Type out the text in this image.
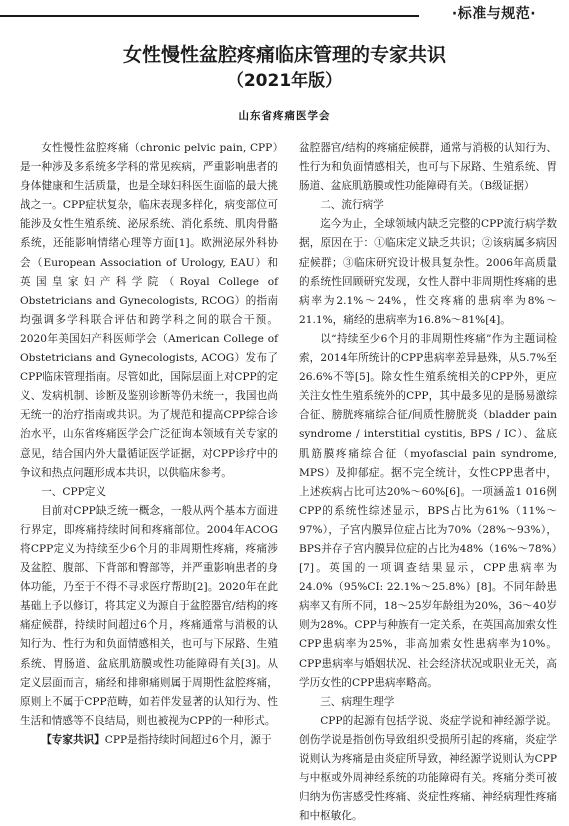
·标准与规范·
女性慢性盆腔疼痛临床管理的专家共识
（2021年版）
山东省疼痛医学会

女性慢性盆腔疼痛（chronic pelvic pain, CPP）是一种涉及多系统多学科的常见疾病，严重影响患者的身体健康和生活质量，也是全球妇科医生面临的最大挑战之一。CPP症状复杂，临床表现多样化，病变部位可能涉及女性生殖系统、泌尿系统、消化系统、肌肉骨骼系统，还能影响情绪心理等方面[1]。欧洲泌尿外科协会（European Association of Urology, EAU）和英国皇家妇产科学院（Royal College of Obstetricians and Gynecologists, RCOG）的指南均强调多学科联合评估和跨学科之间的联合干预。2020年美国妇产科医师学会（American College of Obstetricians and Gynecologists, ACOG）发布了CPP临床管理指南。尽管如此，国际层面上对CPP的定义、发病机制、诊断及鉴别诊断等仍未统一，我国也尚无统一的治疗指南或共识。为了规范和提高CPP综合诊治水平，山东省疼痛医学会广泛征询本领域有关专家的意见，结合国内外大量循证医学证据，对CPP诊疗中的争议和热点问题形成本共识，以供临床参考。

一、CPP定义

目前对CPP缺乏统一概念，一般从两个基本方面进行界定，即疼痛持续时间和疼痛部位。2004年ACOG将CPP定义为持续至少6个月的非周期性疼痛，疼痛涉及盆腔、腹部、下背部和臀部等，并严重影响患者的身体功能，乃至于不得不寻求医疗帮助[2]。2020年在此基础上予以修订，将其定义为源自于盆腔器官/结构的疼痛症候群，持续时间超过6个月，疼痛通常与消极的认知行为、性行为和负面情感相关，也可与下尿路、生殖系统、胃肠道、盆底肌筋膜或性功能障碍有关[3]。从定义层面而言，痛经和排卵痛则属于周期性盆腔疼痛，原则上不属于CPP范畴，如若伴发显著的认知行为、性生活和情感等不良结局，则也被视为CPP的一种形式。

【专家共识】CPP是指持续时间超过6个月，源于

盆腔器官/结构的疼痛症候群，通常与消极的认知行为、性行为和负面情感相关，也可与下尿路、生殖系统、胃肠道、盆底肌筋膜或性功能障碍有关。（B级证据）

二、流行病学

迄今为止，全球领域内缺乏完整的CPP流行病学数据，原因在于：①临床定义缺乏共识；②该病属多病因症候群；③临床研究设计极具复杂性。2006年高质量的系统性回顾研究发现，女性人群中非周期性疼痛的患病率为2.1%～24%，性交疼痛的患病率为8%～21.1%，痛经的患病率为16.8%～81%[4]。

以“持续至少6个月的非周期性疼痛”作为主题词检索，2014年所统计的CPP患病率差异悬殊，从5.7%至26.6%不等[5]。除女性生殖系统相关的CPP外，更应关注女性生殖系统外的CPP，其中最多见的是肠易激综合征、膀胱疼痛综合征/间质性膀胱炎（bladder pain syndrome / interstitial cystitis, BPS / IC）、盆底肌筋膜疼痛综合征（myofascial pain syndrome, MPS）及抑郁症。据不完全统计，女性CPP患者中，上述疾病占比可达20%～60%[6]。一项涵盖1 016例CPP的系统性综述显示，BPS占比为61%（11%～97%），子宫内膜异位症占比为70%（28%～93%），BPS并存子宫内膜异位症的占比为48%（16%～78%）[7]。英国的一项调查结果显示，CPP患病率为24.0%（95%CI: 22.1%～25.8%）[8]。不同年龄患病率又有所不同，18～25岁年龄组为20%，36～40岁则为28%。CPP与种族有一定关系，在英国高加索女性CPP患病率为25%，非高加索女性患病率为10%。CPP患病率与婚姻状况、社会经济状况或职业无关，高学历女性的CPP患病率略高。

三、病理生理学

CPP的起源有包括学说、炎症学说和神经源学说。创伤学说是指创伤导致组织受损所引起的疼痛，炎症学说则认为疼痛是由炎症所导致，神经源学说则认为CPP与中枢或外周神经系统的功能障碍有关。疼痛分类可被归纳为伤害感受性疼痛、炎症性疼痛、神经病理性疼痛和中枢敏化。
